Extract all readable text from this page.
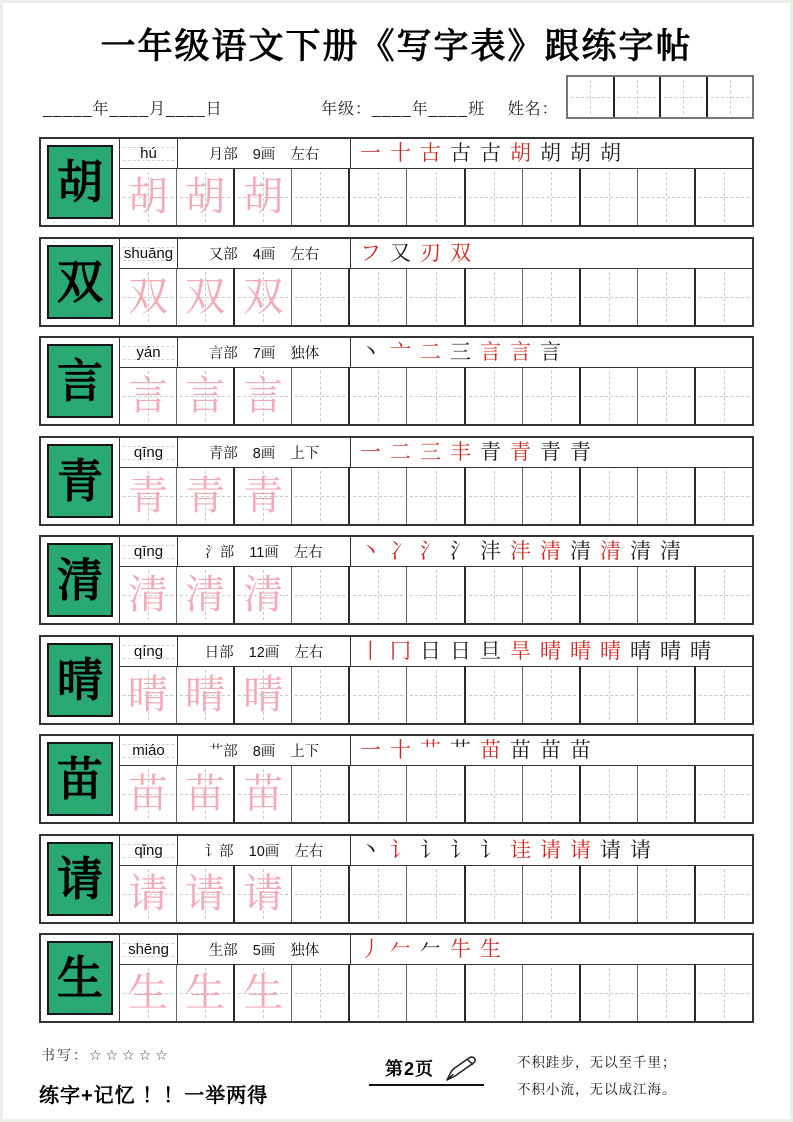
一年级语文下册《写字表》跟练字帖
_____年____月____日	年级：____年____班　 姓名：
胡
hú	月部 9画 左右 一 十 古 古 古 胡 胡 胡 胡
胡 胡 胡
双
shuāng	又部 4画 左右 フ 又 刃 双
双 双 双
言
yán	言部 7画 独体 丶 亠 二 三 言 言 言
言 言 言
青
qīng	青部 8画 上下 一 二 三 丰 青 青 青 青
青 青 青
清
qīng	氵部 11画 左右 丶 冫 氵 氵 沣 沣 清 清 清 清 清
清 清 清
晴
qíng	日部 12画 左右 丨 冂 日 日 旦 旱 晴 晴 晴 晴 晴 晴
晴 晴 晴
苗
miáo	艹部 8画 上下 一 十 艹 艹 苗 苗 苗 苗
苗 苗 苗
请
qǐng	讠部 10画 左右 丶 讠 讠 讠 讠 诖 请 请 请 请
请 请 请
生
shēng	生部 5画 独体 丿 𠂉 𠂉 牛 生
生 生 生
书写：☆☆☆☆☆
练字+记忆 ！！一举两得
第2页	不积跬步，无以至千里；
不积小流，无以成江海。
